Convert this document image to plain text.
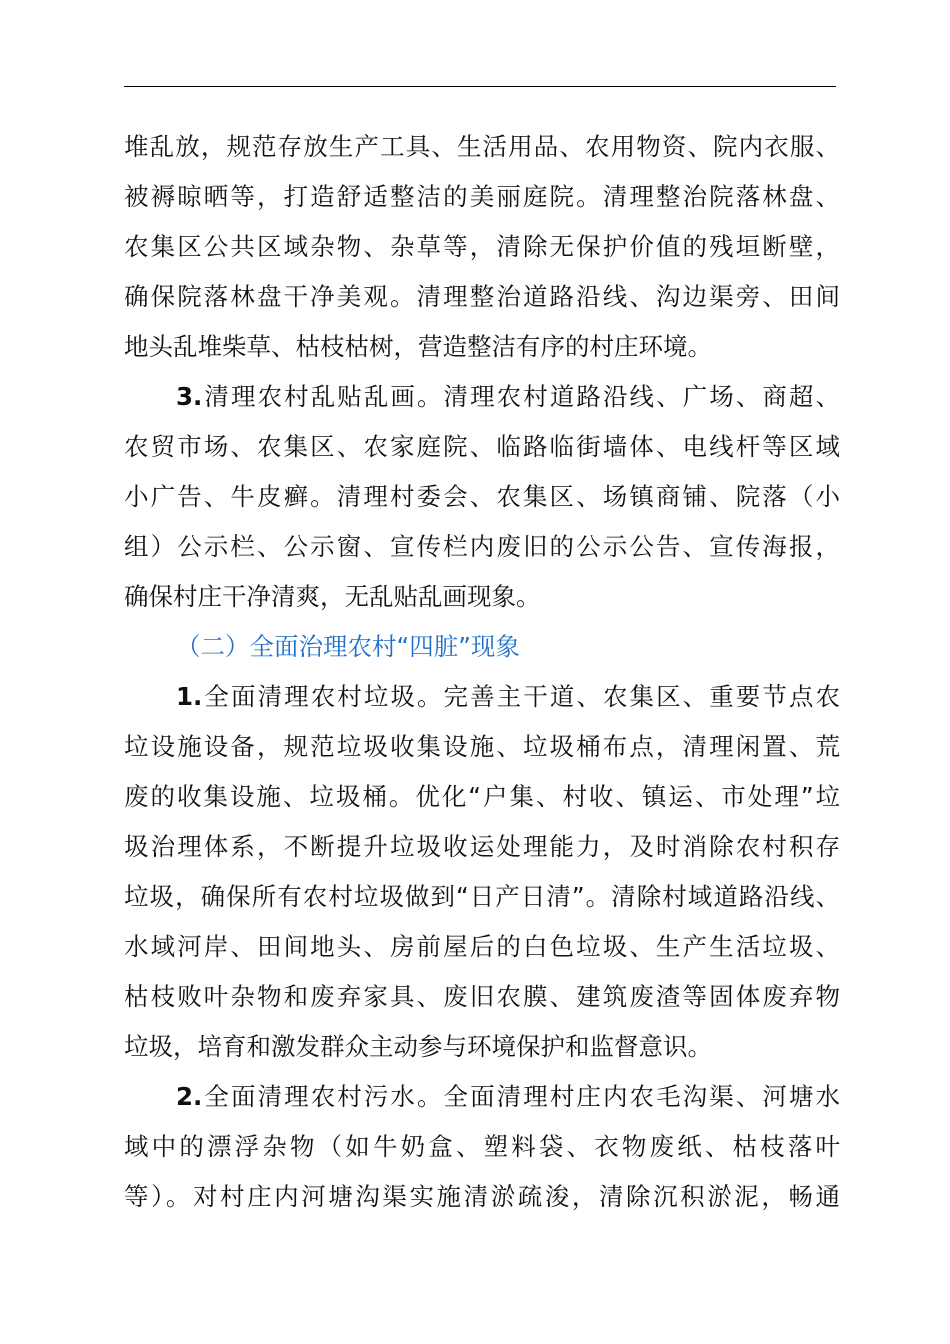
堆乱放，规范存放生产工具、生活用品、农用物资、院内衣服、
被褥晾晒等，打造舒适整洁的美丽庭院。清理整治院落林盘、
农集区公共区域杂物、杂草等，清除无保护价值的残垣断壁，
确保院落林盘干净美观。清理整治道路沿线、沟边渠旁、田间
地头乱堆柴草、枯枝枯树，营造整洁有序的村庄环境。
3.清理农村乱贴乱画。清理农村道路沿线、广场、商超、
农贸市场、农集区、农家庭院、临路临街墙体、电线杆等区域
小广告、牛皮癣。清理村委会、农集区、场镇商铺、院落（小
组）公示栏、公示窗、宣传栏内废旧的公示公告、宣传海报，
确保村庄干净清爽，无乱贴乱画现象。
（二）全面治理农村“四脏”现象
1.全面清理农村垃圾。完善主干道、农集区、重要节点农
垃设施设备，规范垃圾收集设施、垃圾桶布点，清理闲置、荒
废的收集设施、垃圾桶。优化“户集、村收、镇运、市处理”垃
圾治理体系，不断提升垃圾收运处理能力，及时消除农村积存
垃圾，确保所有农村垃圾做到“日产日清”。清除村域道路沿线、
水域河岸、田间地头、房前屋后的白色垃圾、生产生活垃圾、
枯枝败叶杂物和废弃家具、废旧农膜、建筑废渣等固体废弃物
垃圾，培育和激发群众主动参与环境保护和监督意识。
2.全面清理农村污水。全面清理村庄内农毛沟渠、河塘水
域中的漂浮杂物（如牛奶盒、塑料袋、衣物废纸、枯枝落叶
等）。对村庄内河塘沟渠实施清淤疏浚，清除沉积淤泥，畅通
